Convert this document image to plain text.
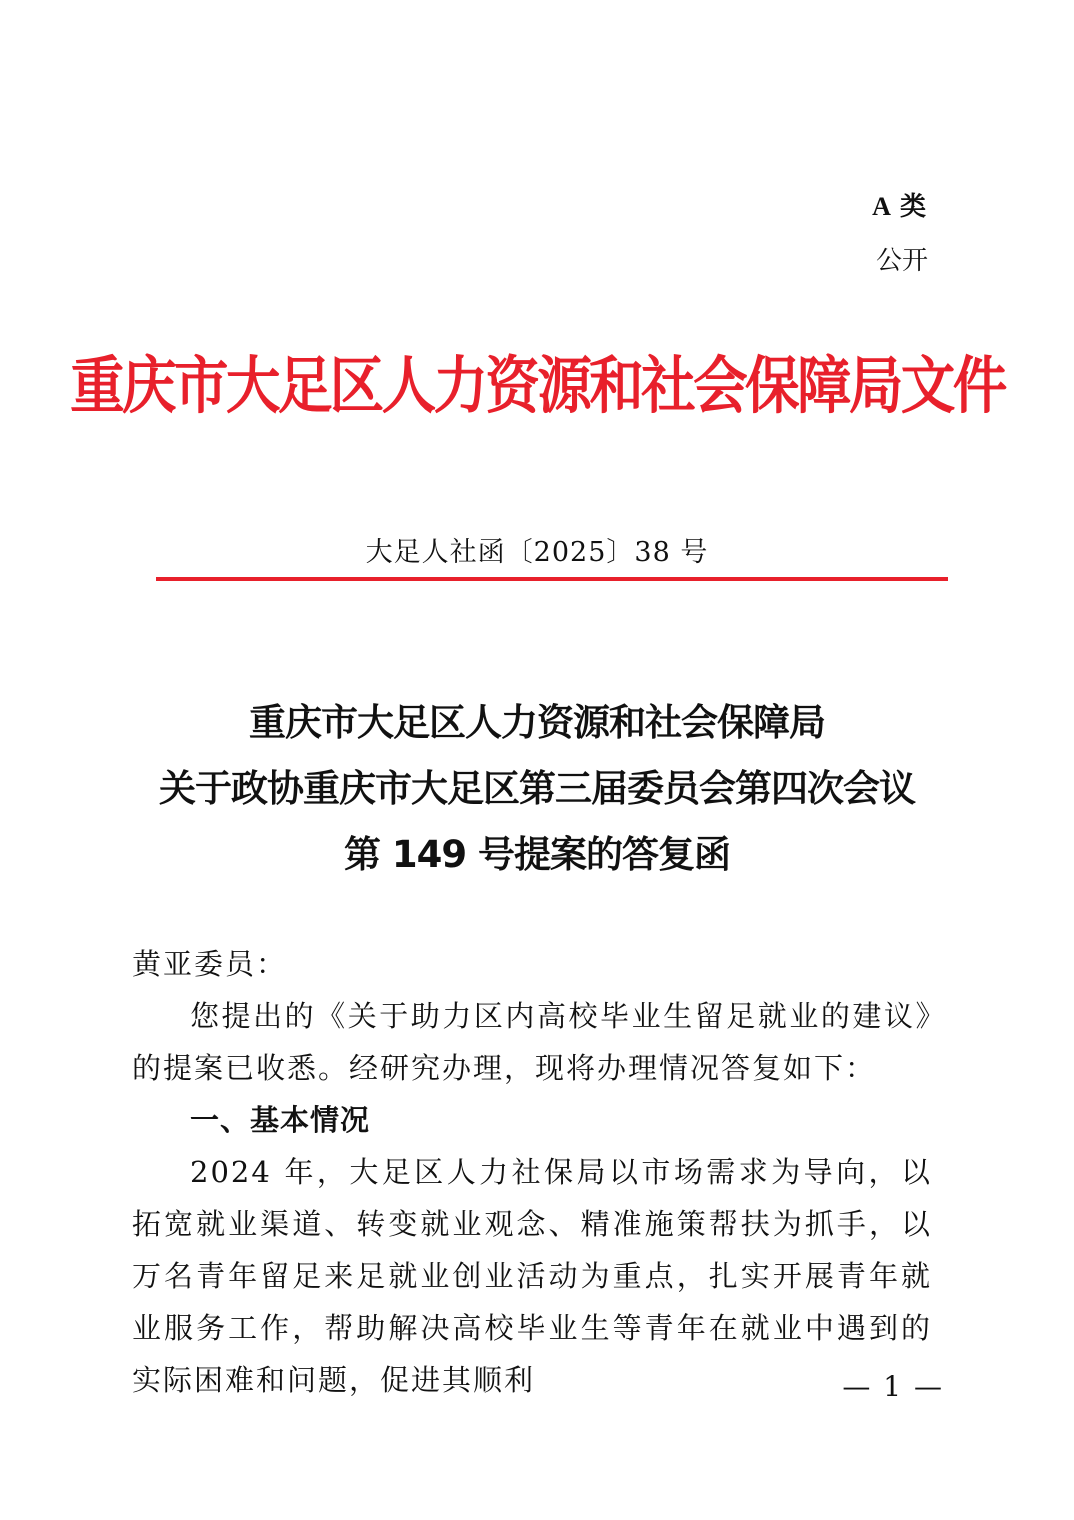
A 类
公开
重庆市大足区人力资源和社会保障局文件
大足人社函〔2025〕38 号
重庆市大足区人力资源和社会保障局
关于政协重庆市大足区第三届委员会第四次会议
第 149 号提案的答复函

黄亚委员：

您提出的《关于助力区内高校毕业生留足就业的建议》的提案已收悉。经研究办理，现将办理情况答复如下：

一、基本情况

2024 年，大足区人力社保局以市场需求为导向，以拓宽就业渠道、转变就业观念、精准施策帮扶为抓手，以万名青年留足来足就业创业活动为重点，扎实开展青年就业服务工作，帮助解决高校毕业生等青年在就业中遇到的实际困难和问题，促进其顺利	— 1 —
